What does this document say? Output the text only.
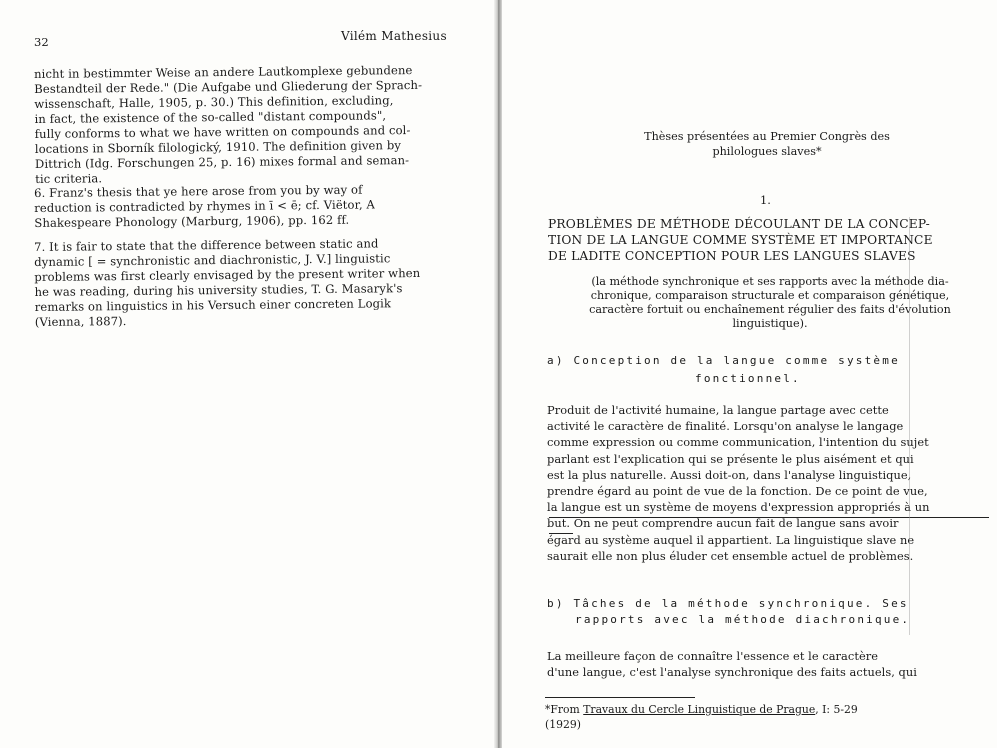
32	Vilém Mathesius
nicht in bestimmter Weise an andere Lautkomplexe gebundene
Bestandteil der Rede." (Die Aufgabe und Gliederung der Sprach-
wissenschaft, Halle, 1905, p. 30.) This definition, excluding,
in fact, the existence of the so-called "distant compounds",
fully conforms to what we have written on compounds and col-
locations in Sborník filologický, 1910. The definition given by
Dittrich (Idg. Forschungen 25, p. 16) mixes formal and seman-
tic criteria.
6. Franz's thesis that ye here arose from you by way of
reduction is contradicted by rhymes in ī < ē; cf. Viëtor, A
Shakespeare Phonology (Marburg, 1906), pp. 162 ff.
7. It is fair to state that the difference between static and
dynamic [ = synchronistic and diachronistic, J. V.] linguistic
problems was first clearly envisaged by the present writer when
he was reading, during his university studies, T. G. Masaryk's
remarks on linguistics in his Versuch einer concreten Logik
(Vienna, 1887).
Thèses présentées au Premier Congrès des
philologues slaves*
1.
PROBLÈMES DE MÉTHODE DÉCOULANT DE LA CONCEP-
TION DE LA LANGUE COMME SYSTÈME ET IMPORTANCE
DE LADITE CONCEPTION POUR LES LANGUES SLAVES
(la méthode synchronique et ses rapports avec la méthode dia-
chronique, comparaison structurale et comparaison génétique,
caractère fortuit ou enchaînement régulier des faits d'évolution
linguistique).
a) Conception de la langue comme système
fonctionnel.
Produit de l'activité humaine, la langue partage avec cette
activité le caractère de finalité. Lorsqu'on analyse le langage
comme expression ou comme communication, l'intention du sujet
parlant est l'explication qui se présente le plus aisément et qui
est la plus naturelle. Aussi doit-on, dans l'analyse linguistique,
prendre égard au point de vue de la fonction. De ce point de vue,
la langue est un système de moyens d'expression appropriés à un
but. On ne peut comprendre aucun fait de langue sans avoir
égard au système auquel il appartient. La linguistique slave ne
saurait elle non plus éluder cet ensemble actuel de problèmes.
b) Tâches de la méthode synchronique. Ses
rapports avec la méthode diachronique.
La meilleure façon de connaître l'essence et le caractère
d'une langue, c'est l'analyse synchronique des faits actuels, qui
*From Travaux du Cercle Linguistique de Prague, I: 5-29
(1929)
